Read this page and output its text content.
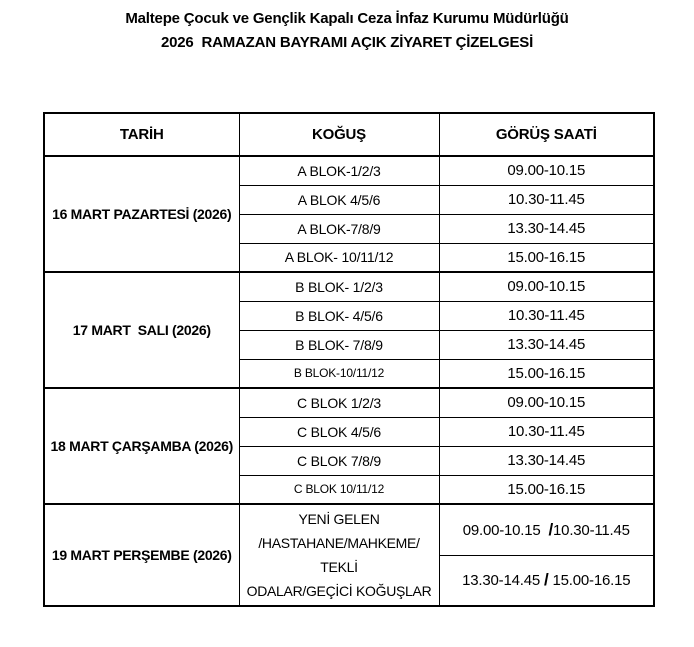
Maltepe Çocuk ve Gençlik Kapalı Ceza İnfaz Kurumu Müdürlüğü
2026  RAMAZAN BAYRAMI AÇIK ZİYARET ÇİZELGESİ
TARİH	KOĞUŞ	GÖRÜŞ SAATİ
16 MART PAZARTESİ (2026)	A BLOK-1/2/3	09.00-10.15
	A BLOK 4/5/6	10.30-11.45
	A BLOK-7/8/9	13.30-14.45
	A BLOK- 10/11/12	15.00-16.15
17 MART  SALI (2026)	B BLOK- 1/2/3	09.00-10.15
	B BLOK- 4/5/6	10.30-11.45
	B BLOK- 7/8/9	13.30-14.45
	B BLOK-10/11/12	15.00-16.15
18 MART ÇARŞAMBA (2026)	C BLOK 1/2/3	09.00-10.15
	C BLOK 4/5/6	10.30-11.45
	C BLOK 7/8/9	13.30-14.45
	C BLOK 10/11/12	15.00-16.15
19 MART PERŞEMBE (2026)	YENİ GELEN
/HASTAHANE/MAHKEME/ TEKLİ
ODALAR/GEÇİCİ KOĞUŞLAR	09.00-10.15  /10.30-11.45
		13.30-14.45 / 15.00-16.15
